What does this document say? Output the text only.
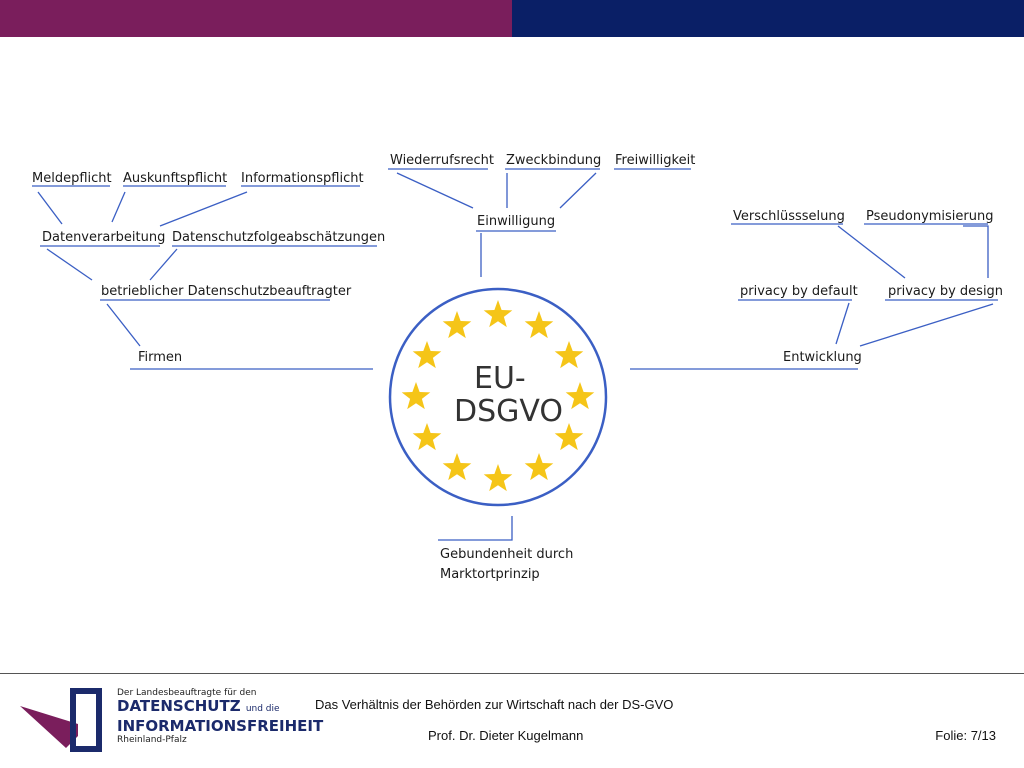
Meldepflicht Auskunftspflicht Informationspflicht
Datenverarbeitung Datenschutzfolgeabschätzungen
betrieblicher Datenschutzbeauftragter
Firmen
Wiederrufsrecht Zweckbindung Freiwilligkeit
Einwilligung	Verschlüssselung Pseudonymisierung
privacy by default privacy by design
Entwicklung
Gebundenheit durch
Marktortprinzip
EU-
DSGVO
Der Landesbeauftragte für den
DATENSCHUTZ und die
INFORMATIONSFREIHEIT
Rheinland-Pfalz
Das Verhältnis der Behörden zur Wirtschaft nach der DS-GVO
Prof. Dr. Dieter Kugelmann	Folie: 7/13
